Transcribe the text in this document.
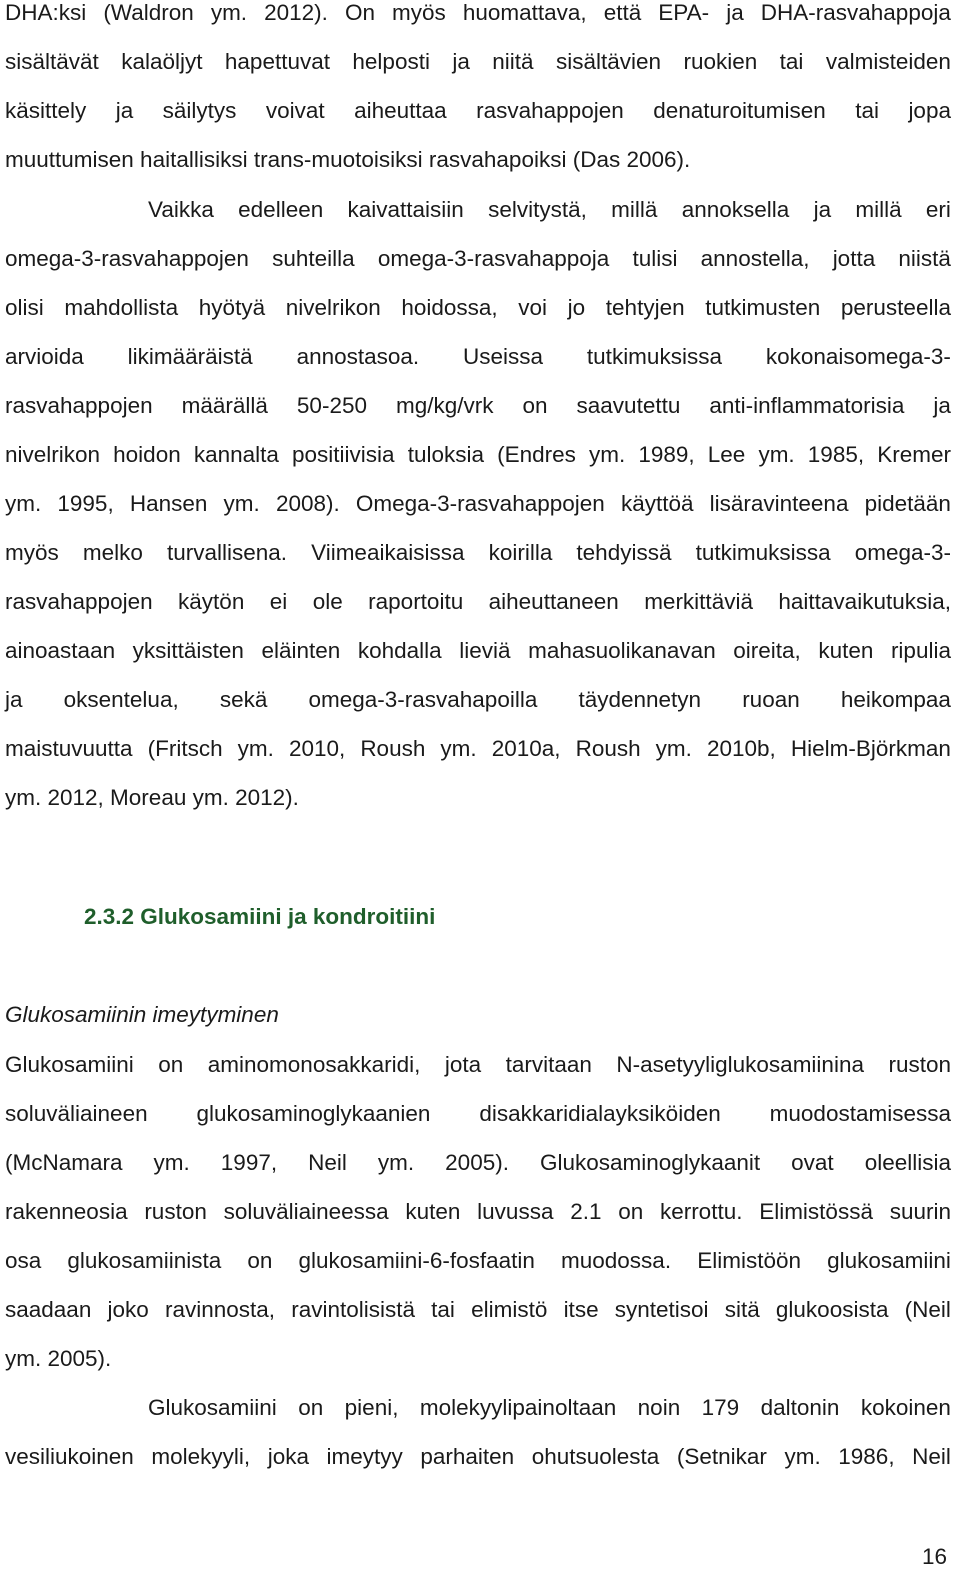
DHA:ksi (Waldron ym. 2012). On myös huomattava, että EPA- ja DHA-rasvahappoja
sisältävät kalaöljyt hapettuvat helposti ja niitä sisältävien ruokien tai valmisteiden
käsittely ja säilytys voivat aiheuttaa rasvahappojen denaturoitumisen tai jopa
muuttumisen haitallisiksi trans-muotoisiksi rasvahapoiksi (Das 2006).
Vaikka edelleen kaivattaisiin selvitystä, millä annoksella ja millä eri
omega-3-rasvahappojen suhteilla omega-3-rasvahappoja tulisi annostella, jotta niistä
olisi mahdollista hyötyä nivelrikon hoidossa, voi jo tehtyjen tutkimusten perusteella
arvioida likimääräistä annostasoa. Useissa tutkimuksissa kokonaisomega-3-
rasvahappojen määrällä 50-250 mg/kg/vrk on saavutettu anti-inflammatorisia ja
nivelrikon hoidon kannalta positiivisia tuloksia (Endres ym. 1989, Lee ym. 1985, Kremer
ym. 1995, Hansen ym. 2008). Omega-3-rasvahappojen käyttöä lisäravinteena pidetään
myös melko turvallisena. Viimeaikaisissa koirilla tehdyissä tutkimuksissa omega-3-
rasvahappojen käytön ei ole raportoitu aiheuttaneen merkittäviä haittavaikutuksia,
ainoastaan yksittäisten eläinten kohdalla lieviä mahasuolikanavan oireita, kuten ripulia
ja oksentelua, sekä omega-3-rasvahapoilla täydennetyn ruoan heikompaa
maistuvuutta (Fritsch ym. 2010, Roush ym. 2010a, Roush ym. 2010b, Hielm-Björkman
ym. 2012, Moreau ym. 2012).
2.3.2 Glukosamiini ja kondroitiini
Glukosamiinin imeytyminen
Glukosamiini on aminomonosakkaridi, jota tarvitaan N-asetyyliglukosamiinina ruston
soluväliaineen glukosaminoglykaanien disakkaridialayksiköiden muodostamisessa
(McNamara ym. 1997, Neil ym. 2005). Glukosaminoglykaanit ovat oleellisia
rakenneosia ruston soluväliaineessa kuten luvussa 2.1 on kerrottu. Elimistössä suurin
osa glukosamiinista on glukosamiini-6-fosfaatin muodossa. Elimistöön glukosamiini
saadaan joko ravinnosta, ravintolisistä tai elimistö itse syntetisoi sitä glukoosista (Neil
ym. 2005).
Glukosamiini on pieni, molekyylipainoltaan noin 179 daltonin kokoinen
vesiliukoinen molekyyli, joka imeytyy parhaiten ohutsuolesta (Setnikar ym. 1986, Neil
16
